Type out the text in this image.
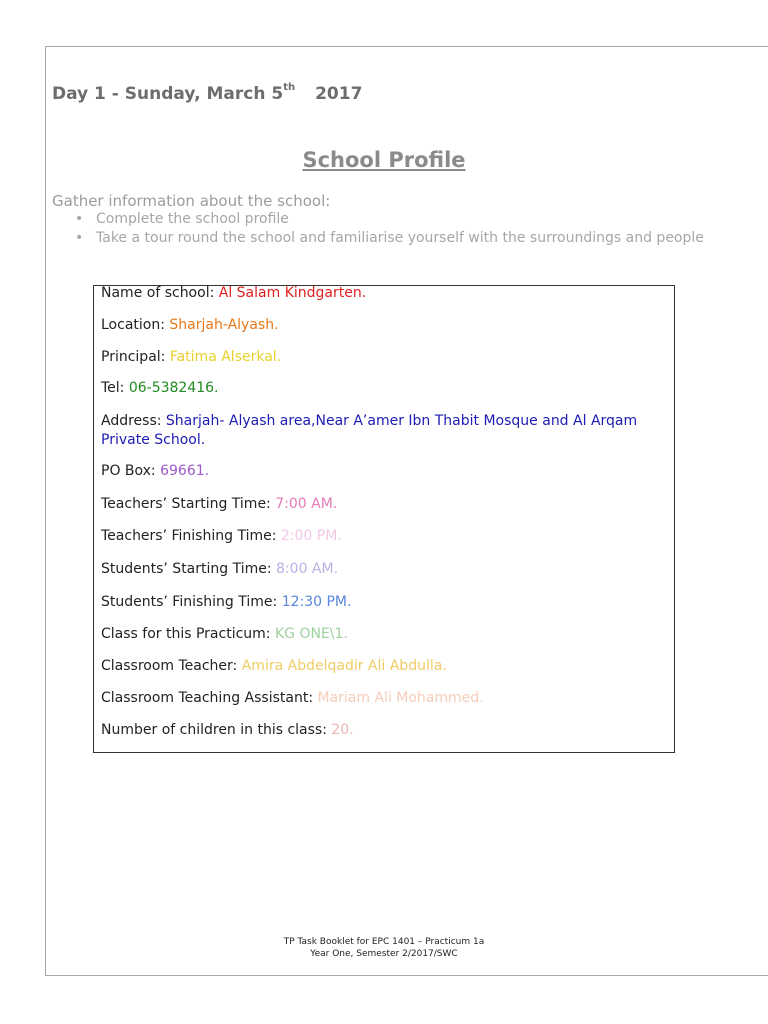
Day 1 - Sunday, March 5th 2017
School Profile
Gather information about the school:
• Complete the school profile
• Take a tour round the school and familiarise yourself with the surroundings and people
Name of school: Al Salam Kindgarten.
Location: Sharjah-Alyash.
Principal: Fatima Alserkal.
Tel: 06-5382416.
Address: Sharjah- Alyash area,Near A’amer Ibn Thabit Mosque and Al Arqam Private School.
PO Box: 69661.
Teachers’ Starting Time: 7:00 AM.
Teachers’ Finishing Time: 2:00 PM.
Students’ Starting Time: 8:00 AM.
Students’ Finishing Time: 12:30 PM.
Class for this Practicum: KG ONE\1.
Classroom Teacher: Amira Abdelqadir Ali Abdulla.
Classroom Teaching Assistant: Mariam Ali Mohammed.
Number of children in this class: 20.
TP Task Booklet for EPC 1401 – Practicum 1a
Year One, Semester 2/2017/SWC
